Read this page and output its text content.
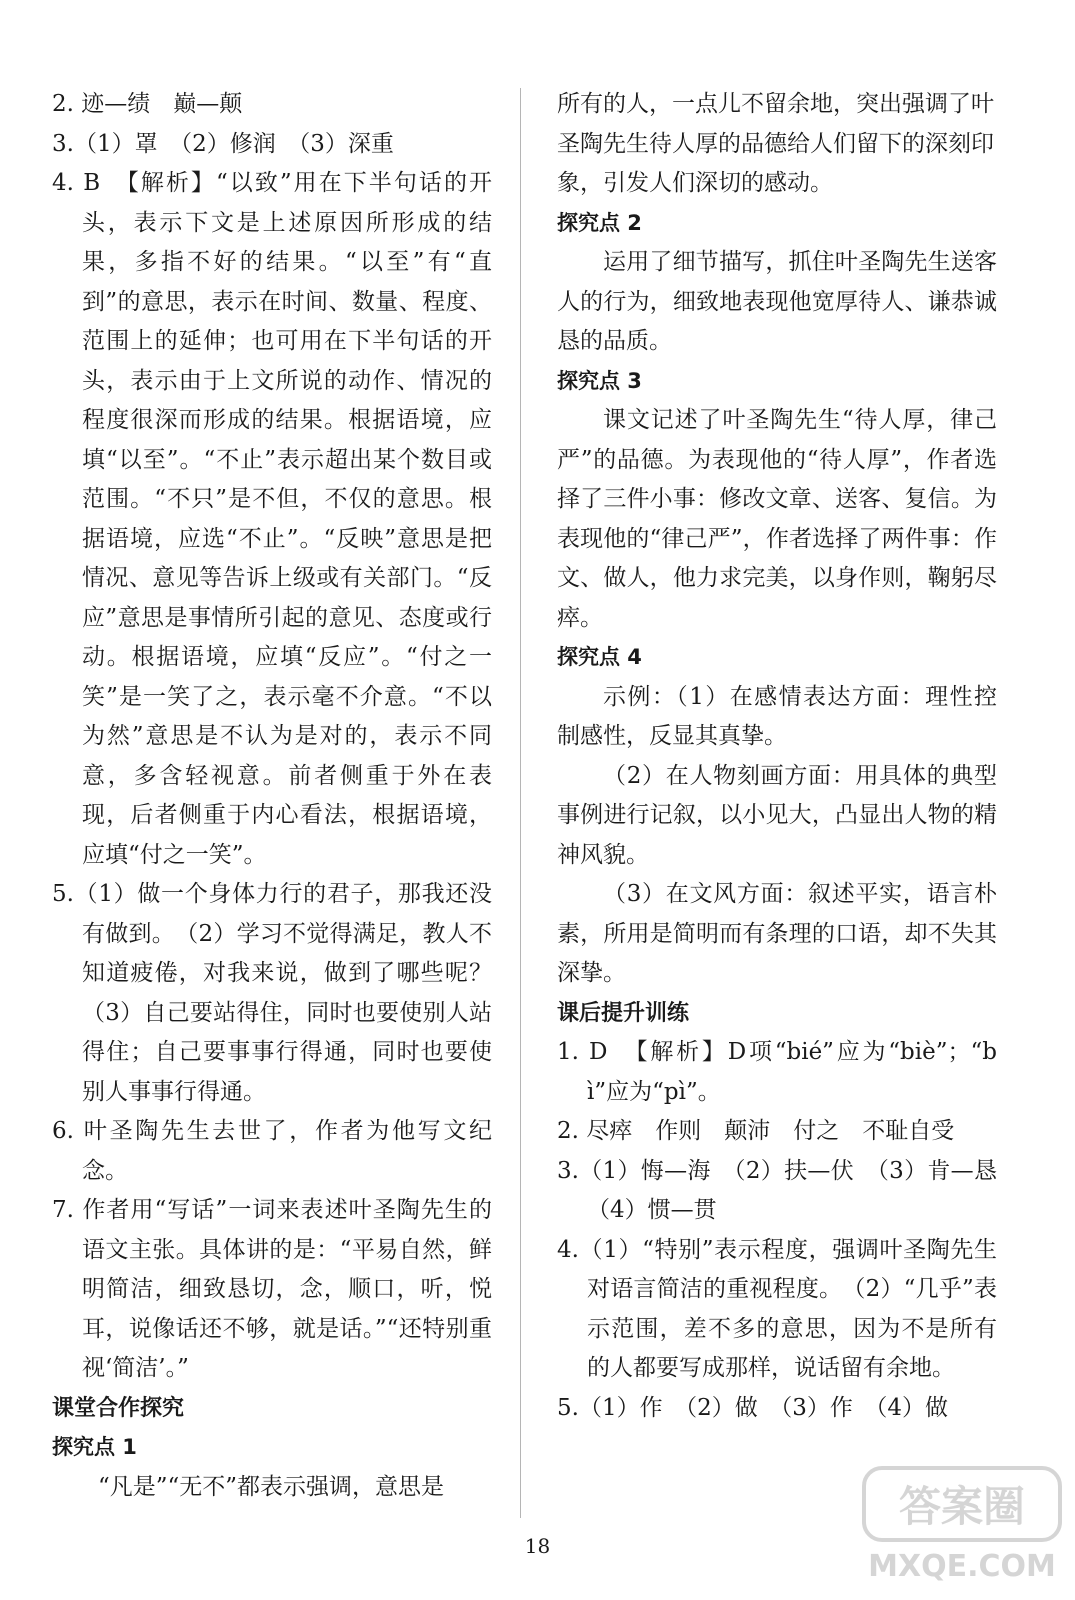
2. 迹—绩　巅—颠
3.（1）罩　（2）修润　（3）深重
4. B　【解析】“以致”用在下半句话的开头，表示下文是上述原因所形成的结果，多指不好的结果。“以至”有“直到”的意思，表示在时间、数量、程度、范围上的延伸；也可用在下半句话的开头，表示由于上文所说的动作、情况的程度很深而形成的结果。根据语境，应填“以至”。“不止”表示超出某个数目或范围。“不只”是不但，不仅的意思。根据语境，应选“不止”。“反映”意思是把情况、意见等告诉上级或有关部门。“反应”意思是事情所引起的意见、态度或行动。根据语境，应填“反应”。“付之一笑”是一笑了之，表示毫不介意。“不以为然”意思是不认为是对的，表示不同意，多含轻视意。前者侧重于外在表现，后者侧重于内心看法，根据语境，应填“付之一笑”。
5.（1）做一个身体力行的君子，那我还没有做到。　（2）学习不觉得满足，教人不知道疲倦，对我来说，做到了哪些呢？　（3）自己要站得住，同时也要使别人站得住；自己要事事行得通，同时也要使别人事事行得通。
6. 叶圣陶先生去世了，作者为他写文纪念。
7. 作者用“写话”一词来表述叶圣陶先生的语文主张。具体讲的是：“平易自然，鲜明简洁，细致恳切，念，顺口，听，悦耳，说像话还不够，就是话。”“还特别重视‘简洁’。”
课堂合作探究
探究点 1
“凡是”“无不”都表示强调，意思是
所有的人，一点儿不留余地，突出强调了叶圣陶先生待人厚的品德给人们留下的深刻印象，引发人们深切的感动。
探究点 2
运用了细节描写，抓住叶圣陶先生送客人的行为，细致地表现他宽厚待人、谦恭诚恳的品质。
探究点 3
课文记述了叶圣陶先生“待人厚，律己严”的品德。为表现他的“待人厚”，作者选择了三件小事：修改文章、送客、复信。为表现他的“律己严”，作者选择了两件事：作文、做人，他力求完美，以身作则，鞠躬尽瘁。
探究点 4
示例：（1）在感情表达方面：理性控制感性，反显其真挚。
（2）在人物刻画方面：用具体的典型事例进行记叙，以小见大，凸显出人物的精神风貌。
（3）在文风方面：叙述平实，语言朴素，所用是简明而有条理的口语，却不失其深挚。
课后提升训练
1. D　【解析】D项“bié”应为“biè”；“bì”应为“pì”。
2. 尽瘁　作则　颠沛　付之　不耻自受
3.（1）悔—海　（2）扶—伏　（3）肯—恳　（4）惯—贯
4.（1）“特别”表示程度，强调叶圣陶先生对语言简洁的重视程度。　（2）“几乎”表示范围，差不多的意思，因为不是所有的人都要写成那样，说话留有余地。
5.（1）作　（2）做　（3）作　（4）做
18
答案圈
MXQE.COM
